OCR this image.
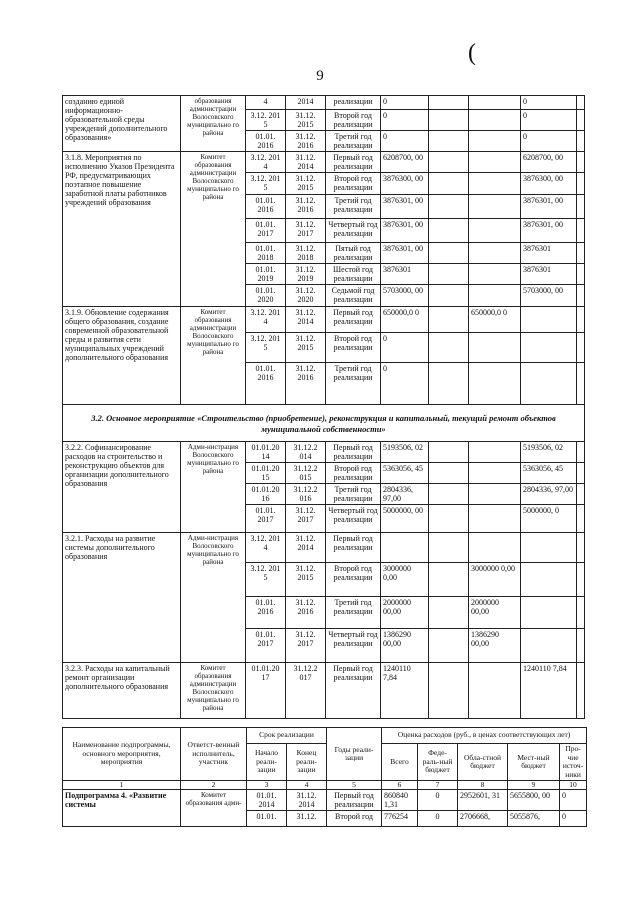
9
(
созданию единой информационно-образовательной среды учреждений дополнительного образования»	образования администрации Волосовского муниципально го района	4	2014	реализации	0			0	
		3.12. 201 5	31.12. 2015	Второй год реализации	0			0	
		01.01. 2016	31.12. 2016	Третий год реализации	0			0	
3.1.8. Мероприятия по исполнению Указов Президента РФ, предусматривающих поэтапное повышение заработной платы работников учреждений образования	Комитет образования администрации Волосовского муниципально го района	3.12. 201 4	31.12. 2014	Первый год реализации	6208700, 00			6208700, 00	
		3.12. 201 5	31.12. 2015	Второй год реализации	3876300, 00			3876300, 00	
		01.01. 2016	31.12. 2016	Третий год реализации	3876301, 00			3876301, 00	
		01.01. 2017	31.12. 2017	Четвертый год реализации	3876301, 00			3876301, 00	
		01.01. 2018	31.12. 2018	Пятый год реализации	3876301, 00			3876301	
		01.01. 2019	31.12. 2019	Шестой год реализации	3876301			3876301	
		01.01. 2020	31.12. 2020	Седьмой год реализации	5703000, 00			5703000, 00	
3.1.9. Обновление содержания общего образования, создание современной образовательной среды и развития сети муниципальных учреждений дополнительного образования	Комитет образования администрации Волосовского муниципально го района	3.12. 201 4	31.12. 2014	Первый год реализации	650000,0 0		650000,0 0		
		3.12. 201 5	31.12. 2015	Второй год реализации	0				
		01.01. 2016	31.12. 2016	Третий год реализации	0				
3.2. Основное мероприятие «Строительство (приобретение), реконструкция и капитальный, текущий ремонт объектов муниципальной собственности»									
3.2.2. Софинансирование расходов на строительство и реконструкцию объектов для организации дополнительного образования	Адми-нистрация Волосовского муниципально го района	01.01.20 14	31.12.2 014	Первый год реализации	5193506, 02			5193506, 02	
		01.01.20 15	31.12.2 015	Второй год реализации	5363056, 45			5363056, 45	
		01.01.20 16	31.12.2 016	Третий год реализации	2804336, 97,00			2804336, 97,00	
		01.01. 2017	31.12. 2017	Четвертый год реализации	5000000, 00			5000000, 0	
3.2.1. Расходы на развитие системы дополнительного образования	Адми-нистрация Волосовского муниципально го района	3.12. 201 4	31.12. 2014	Первый год реализации					
		3.12. 201 5	31.12. 2015	Второй год реализации	3000000 0,00		3000000 0,00		
		01.01. 2016	31.12. 2016	Третий год реализации	2000000 00,00		2000000 00,00		
		01.01. 2017	31.12. 2017	Четвертый год реализации	1386290 00,00		1386290 00,00		
3.2.3. Расходы на капитальный ремонт организации дополнительного образования	Комитет образования администрации Волосовского муниципально го района	01.01.20 17	31.12.2 017	Первый год реализации	1240110 7,84			1240110 7,84	
Наименование подпрограммы, основного мероприятия, мероприятия	Ответст-венный исполнитель, участник	Срок реализации		Годы реали-зации	Оценка расходов (руб., в ценах соответствующих лет)				
		Начало реали-зации	Конец реали-зации		Всего	Феде-раль-ный бюджет	Обла-стной бюджет	Мест-ный бюджет	Про-чие источ-ники
1	2	3	4	5	6	7	8	9	10
Подпрограмма 4. «Развитие системы	Комитет образования адми-	01.01. 2014	31.12. 2014	Первый год реализации	860840 1,31	0	2952601, 31	5655800, 00	0
		01.01.	31.12.	Второй год	776254	0	2706668,	5055876,	0
